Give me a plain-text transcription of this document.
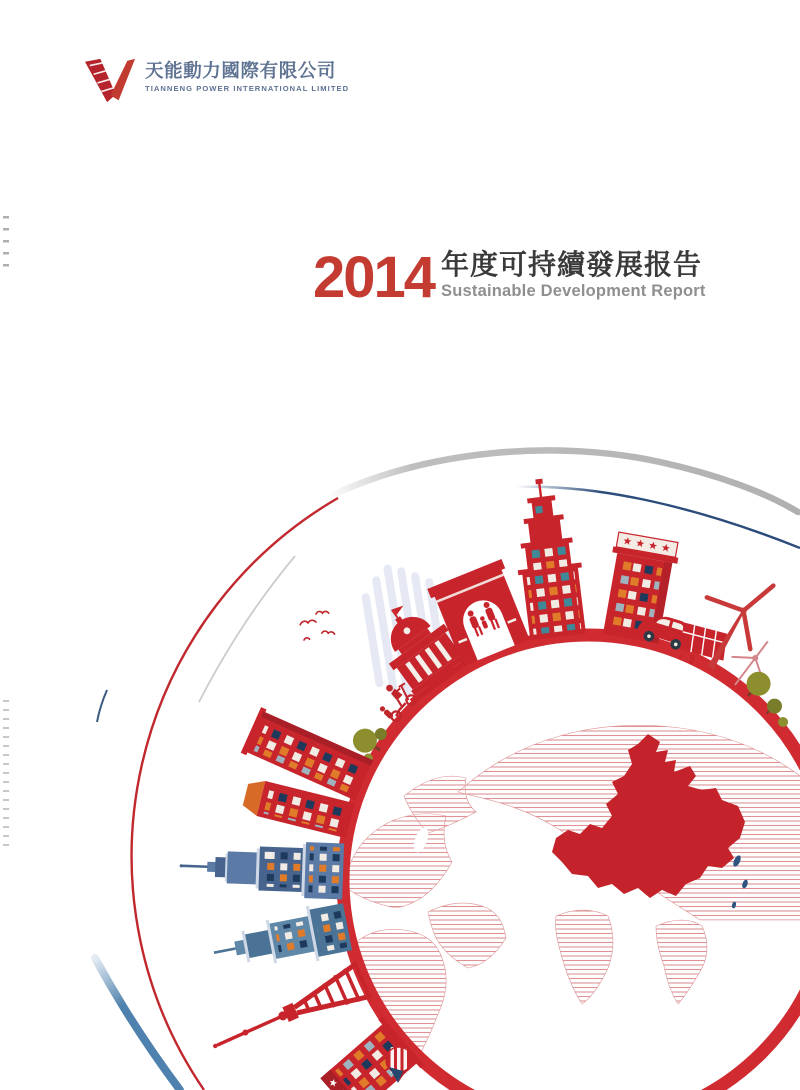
天能動力國際有限公司
TIANNENG POWER INTERNATIONAL LIMITED
2014 年度可持續發展报告
Sustainable Development Report
